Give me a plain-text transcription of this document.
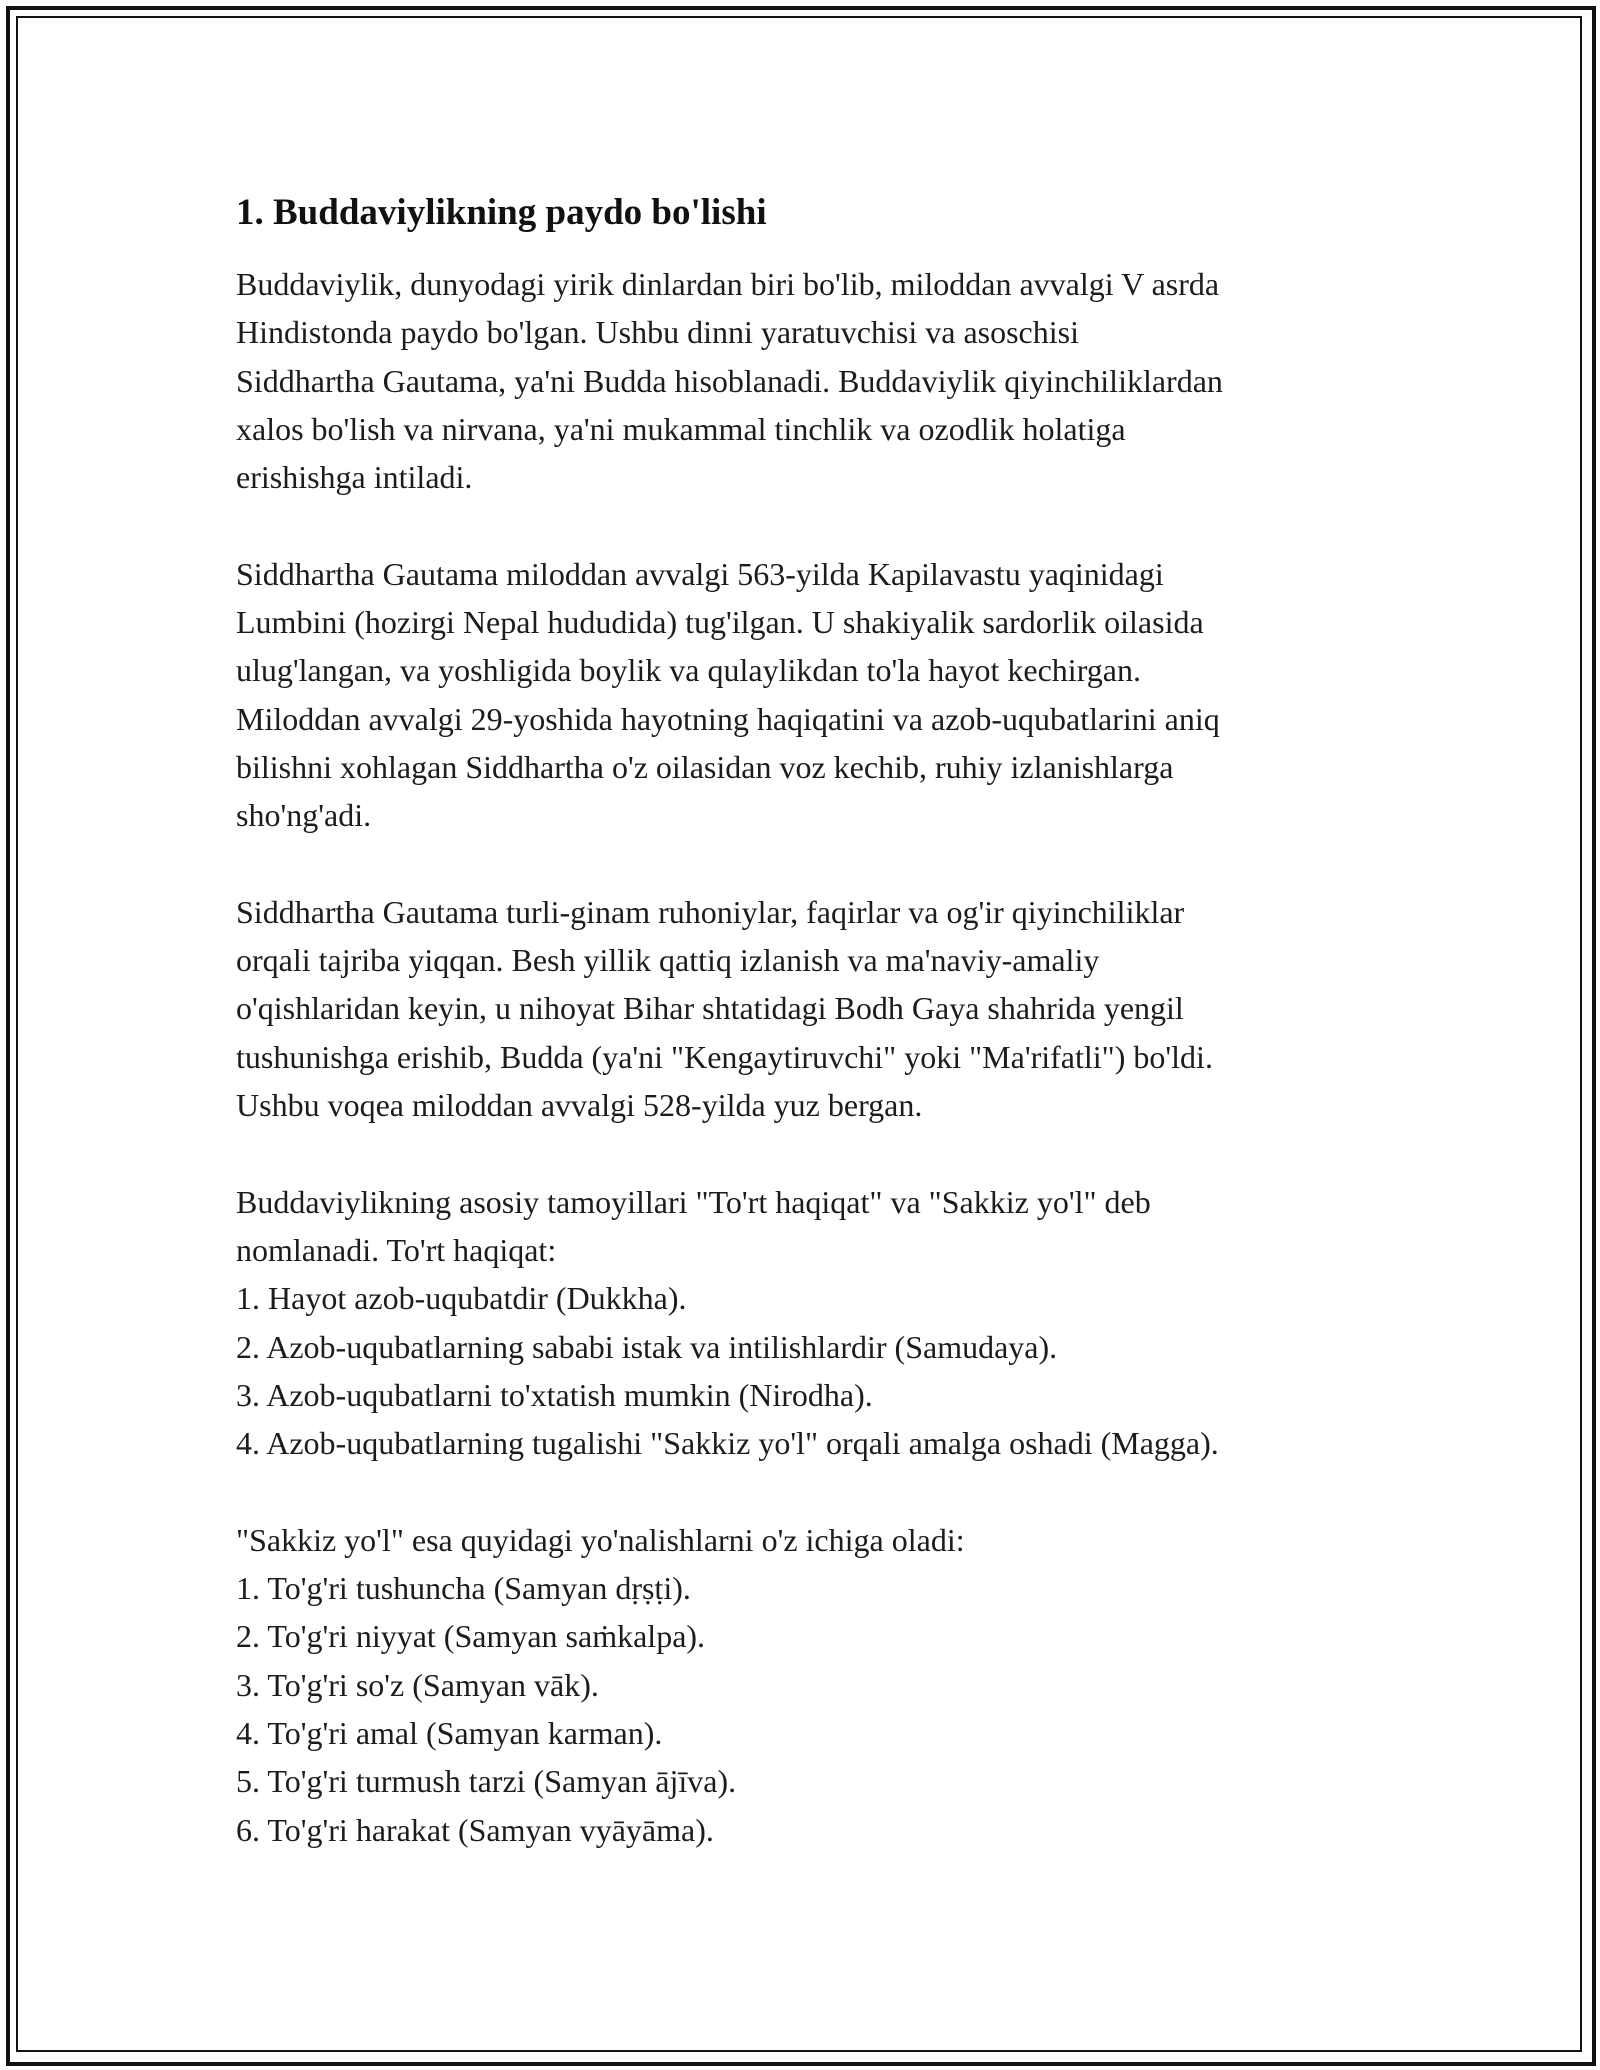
1. Buddaviylikning paydo bo'lishi

Buddaviylik, dunyodagi yirik dinlardan biri bo'lib, miloddan avvalgi V asrda
Hindistonda paydo bo'lgan. Ushbu dinni yaratuvchisi va asoschisi
Siddhartha Gautama, ya'ni Budda hisoblanadi. Buddaviylik qiyinchiliklardan
xalos bo'lish va nirvana, ya'ni mukammal tinchlik va ozodlik holatiga
erishishga intiladi.

Siddhartha Gautama miloddan avvalgi 563-yilda Kapilavastu yaqinidagi
Lumbini (hozirgi Nepal hududida) tug'ilgan. U shakiyalik sardorlik oilasida
ulug'langan, va yoshligida boylik va qulaylikdan to'la hayot kechirgan.
Miloddan avvalgi 29-yoshida hayotning haqiqatini va azob-uqubatlarini aniq
bilishni xohlagan Siddhartha o'z oilasidan voz kechib, ruhiy izlanishlarga
sho'ng'adi.

Siddhartha Gautama turli-ginam ruhoniylar, faqirlar va og'ir qiyinchiliklar
orqali tajriba yiqqan. Besh yillik qattiq izlanish va ma'naviy-amaliy
o'qishlaridan keyin, u nihoyat Bihar shtatidagi Bodh Gaya shahrida yengil
tushunishga erishib, Budda (ya'ni "Kengaytiruvchi" yoki "Ma'rifatli") bo'ldi.
Ushbu voqea miloddan avvalgi 528-yilda yuz bergan.

Buddaviylikning asosiy tamoyillari "To'rt haqiqat" va "Sakkiz yo'l" deb
nomlanadi. To'rt haqiqat:
1. Hayot azob-uqubatdir (Dukkha).
2. Azob-uqubatlarning sababi istak va intilishlardir (Samudaya).
3. Azob-uqubatlarni to'xtatish mumkin (Nirodha).
4. Azob-uqubatlarning tugalishi "Sakkiz yo'l" orqali amalga oshadi (Magga).

"Sakkiz yo'l" esa quyidagi yo'nalishlarni o'z ichiga oladi:
1. To'g'ri tushuncha (Samyan dṛṣṭi).
2. To'g'ri niyyat (Samyan saṁkalpa).
3. To'g'ri so'z (Samyan vāk).
4. To'g'ri amal (Samyan karman).
5. To'g'ri turmush tarzi (Samyan ājīva).
6. To'g'ri harakat (Samyan vyāyāma).
